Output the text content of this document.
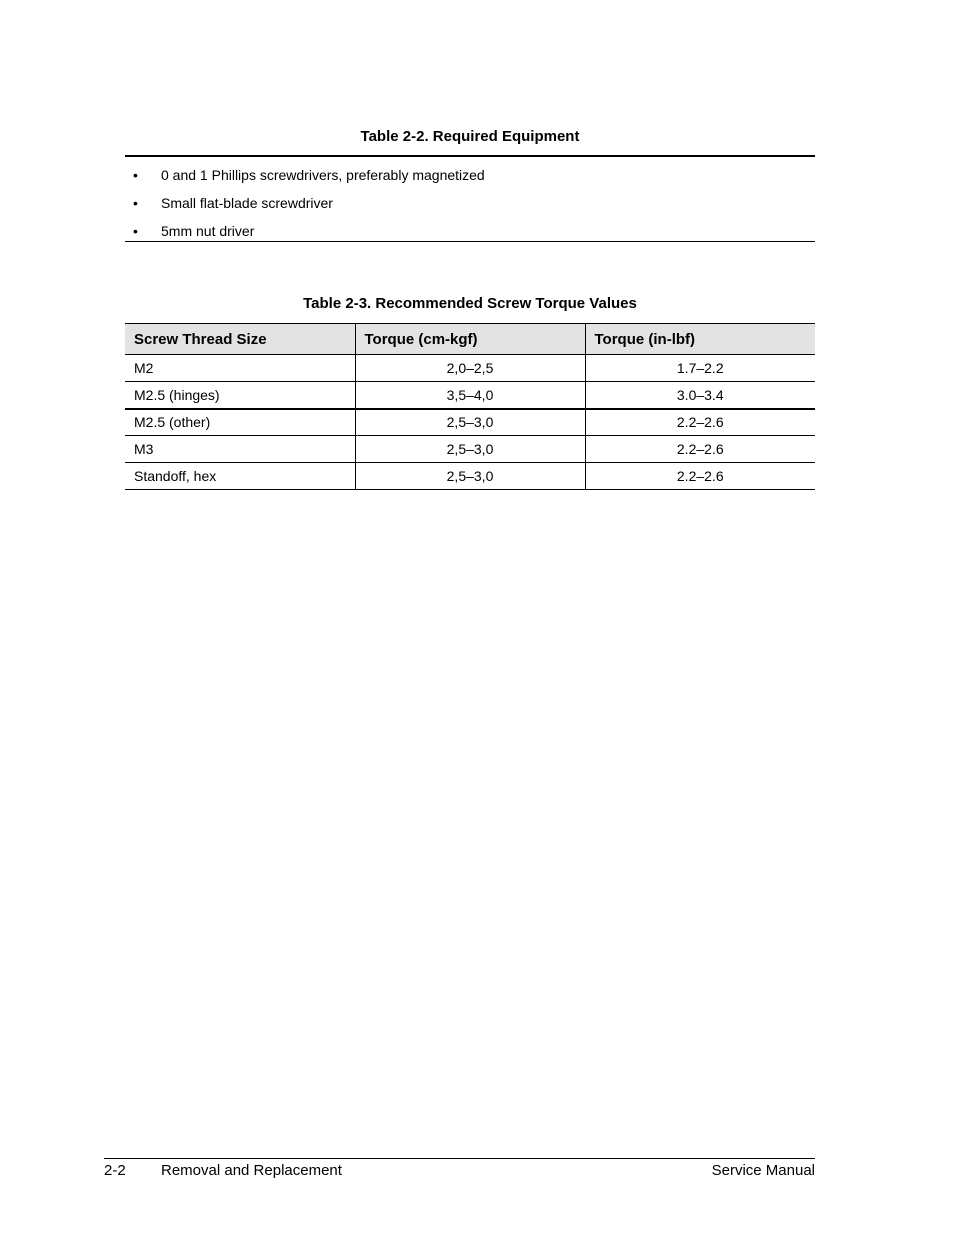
Table 2-2. Required Equipment
•	0 and 1 Phillips screwdrivers, preferably magnetized
•	Small flat-blade screwdriver
•	5mm nut driver
Table 2-3. Recommended Screw Torque Values
Screw Thread Size	Torque (cm-kgf)	Torque (in-lbf)
M2	2,0–2,5	1.7–2.2
M2.5 (hinges)	3,5–4,0	3.0–3.4
M2.5 (other)	2,5–3,0	2.2–2.6
M3	2,5–3,0	2.2–2.6
Standoff, hex	2,5–3,0	2.2–2.6
2-2	Removal and Replacement	Service Manual
